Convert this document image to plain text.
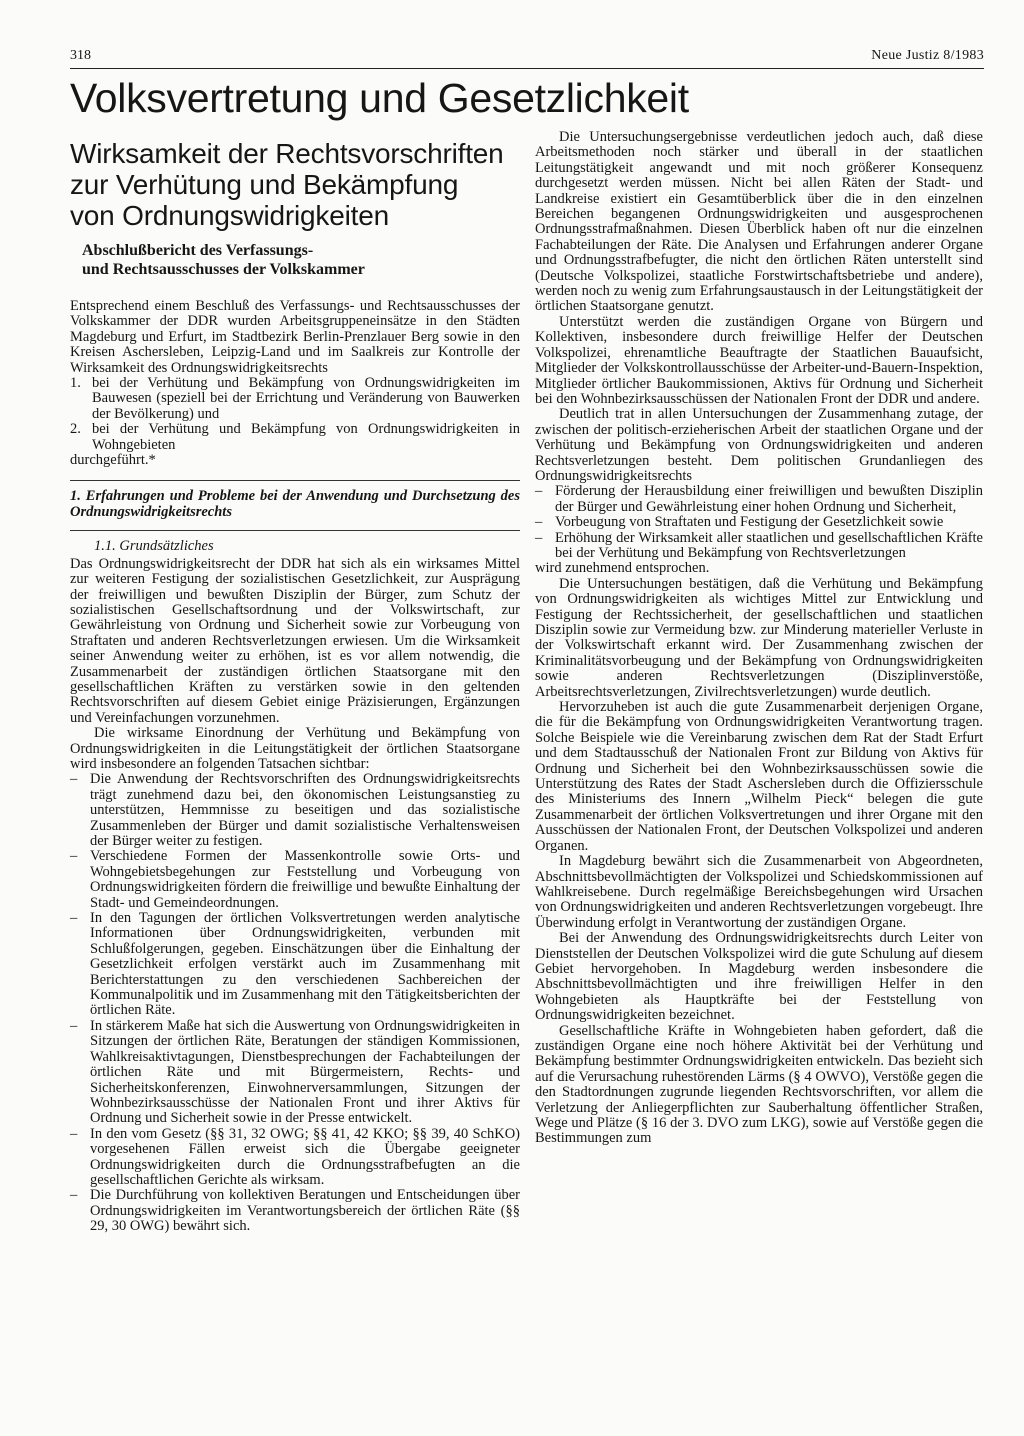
318	Neue Justiz 8/1983
Volksvertretung und Gesetzlichkeit
Wirksamkeit der Rechtsvorschriften
zur Verhütung und Bekämpfung
von Ordnungswidrigkeiten
Abschlußbericht des Verfassungs-
und Rechtsausschusses der Volkskammer

Entsprechend einem Beschluß des Verfassungs- und Rechtsausschusses der Volkskammer der DDR wurden Arbeitsgruppeneinsätze in den Städten Magdeburg und Erfurt, im Stadtbezirk Berlin-Prenzlauer Berg sowie in den Kreisen Aschersleben, Leipzig-Land und im Saalkreis zur Kontrolle der Wirksamkeit des Ordnungswidrigkeitsrechts

1. bei der Verhütung und Bekämpfung von Ordnungswidrigkeiten im Bauwesen (speziell bei der Errichtung und Veränderung von Bauwerken der Bevölkerung) und
2. bei der Verhütung und Bekämpfung von Ordnungswidrigkeiten in Wohngebieten

durchgeführt.*

1. Erfahrungen und Probleme bei der Anwendung und Durchsetzung des Ordnungswidrigkeitsrechts
1.1. Grundsätzliches

Das Ordnungswidrigkeitsrecht der DDR hat sich als ein wirksames Mittel zur weiteren Festigung der sozialistischen Gesetzlichkeit, zur Ausprägung der freiwilligen und bewußten Disziplin der Bürger, zum Schutz der sozialistischen Gesellschaftsordnung und der Volkswirtschaft, zur Gewährleistung von Ordnung und Sicherheit sowie zur Vorbeugung von Straftaten und anderen Rechtsverletzungen erwiesen. Um die Wirksamkeit seiner Anwendung weiter zu erhöhen, ist es vor allem notwendig, die Zusammenarbeit der zuständigen örtlichen Staatsorgane mit den gesellschaftlichen Kräften zu verstärken sowie in den geltenden Rechtsvorschriften auf diesem Gebiet einige Präzisierungen, Ergänzungen und Vereinfachungen vorzunehmen.

Die wirksame Einordnung der Verhütung und Bekämpfung von Ordnungswidrigkeiten in die Leitungstätigkeit der örtlichen Staatsorgane wird insbesondere an folgenden Tatsachen sichtbar:

– Die Anwendung der Rechtsvorschriften des Ordnungswidrigkeitsrechts trägt zunehmend dazu bei, den ökonomischen Leistungsanstieg zu unterstützen, Hemmnisse zu beseitigen und das sozialistische Zusammenleben der Bürger und damit sozialistische Verhaltensweisen der Bürger weiter zu festigen.
– Verschiedene Formen der Massenkontrolle sowie Orts- und Wohngebietsbegehungen zur Feststellung und Vorbeugung von Ordnungswidrigkeiten fördern die freiwillige und bewußte Einhaltung der Stadt- und Gemeindeordnungen.
– In den Tagungen der örtlichen Volksvertretungen werden analytische Informationen über Ordnungswidrigkeiten, verbunden mit Schlußfolgerungen, gegeben. Einschätzungen über die Einhaltung der Gesetzlichkeit erfolgen verstärkt auch im Zusammenhang mit Berichterstattungen zu den verschiedenen Sachbereichen der Kommunalpolitik und im Zusammenhang mit den Tätigkeitsberichten der örtlichen Räte.
– In stärkerem Maße hat sich die Auswertung von Ordnungswidrigkeiten in Sitzungen der örtlichen Räte, Beratungen der ständigen Kommissionen, Wahlkreisaktivtagungen, Dienstbesprechungen der Fachabteilungen der örtlichen Räte und mit Bürgermeistern, Rechts- und Sicherheitskonferenzen, Einwohnerversammlungen, Sitzungen der Wohnbezirksausschüsse der Nationalen Front und ihrer Aktivs für Ordnung und Sicherheit sowie in der Presse entwickelt.
– In den vom Gesetz (§§ 31, 32 OWG; §§ 41, 42 KKO; §§ 39, 40 SchKO) vorgesehenen Fällen erweist sich die Übergabe geeigneter Ordnungswidrigkeiten durch die Ordnungsstrafbefugten an die gesellschaftlichen Gerichte als wirksam.
– Die Durchführung von kollektiven Beratungen und Entscheidungen über Ordnungswidrigkeiten im Verantwortungsbereich der örtlichen Räte (§§ 29, 30 OWG) bewährt sich.

Die Untersuchungsergebnisse verdeutlichen jedoch auch, daß diese Arbeitsmethoden noch stärker und überall in der staatlichen Leitungstätigkeit angewandt und mit noch größerer Konsequenz durchgesetzt werden müssen. Nicht bei allen Räten der Stadt- und Landkreise existiert ein Gesamtüberblick über die in den einzelnen Bereichen begangenen Ordnungswidrigkeiten und ausgesprochenen Ordnungsstrafmaßnahmen. Diesen Überblick haben oft nur die einzelnen Fachabteilungen der Räte. Die Analysen und Erfahrungen anderer Organe und Ordnungsstrafbefugter, die nicht den örtlichen Räten unterstellt sind (Deutsche Volkspolizei, staatliche Forstwirtschaftsbetriebe und andere), werden noch zu wenig zum Erfahrungsaustausch in der Leitungstätigkeit der örtlichen Staatsorgane genutzt.

Unterstützt werden die zuständigen Organe von Bürgern und Kollektiven, insbesondere durch freiwillige Helfer der Deutschen Volkspolizei, ehrenamtliche Beauftragte der Staatlichen Bauaufsicht, Mitglieder der Volkskontrollausschüsse der Arbeiter-und-Bauern-Inspektion, Mitglieder örtlicher Baukommissionen, Aktivs für Ordnung und Sicherheit bei den Wohnbezirksausschüssen der Nationalen Front der DDR und andere.

Deutlich trat in allen Untersuchungen der Zusammenhang zutage, der zwischen der politisch-erzieherischen Arbeit der staatlichen Organe und der Verhütung und Bekämpfung von Ordnungswidrigkeiten und anderen Rechtsverletzungen besteht. Dem politischen Grundanliegen des Ordnungswidrigkeitsrechts

– Förderung der Herausbildung einer freiwilligen und bewußten Disziplin der Bürger und Gewährleistung einer hohen Ordnung und Sicherheit,
– Vorbeugung von Straftaten und Festigung der Gesetzlichkeit sowie
– Erhöhung der Wirksamkeit aller staatlichen und gesellschaftlichen Kräfte bei der Verhütung und Bekämpfung von Rechtsverletzungen

wird zunehmend entsprochen.

Die Untersuchungen bestätigen, daß die Verhütung und Bekämpfung von Ordnungswidrigkeiten als wichtiges Mittel zur Entwicklung und Festigung der Rechtssicherheit, der gesellschaftlichen und staatlichen Disziplin sowie zur Vermeidung bzw. zur Minderung materieller Verluste in der Volkswirtschaft erkannt wird. Der Zusammenhang zwischen der Kriminalitätsvorbeugung und der Bekämpfung von Ordnungswidrigkeiten sowie anderen Rechtsverletzungen (Disziplinverstöße, Arbeitsrechtsverletzungen, Zivilrechtsverletzungen) wurde deutlich.

Hervorzuheben ist auch die gute Zusammenarbeit derjenigen Organe, die für die Bekämpfung von Ordnungswidrigkeiten Verantwortung tragen. Solche Beispiele wie die Vereinbarung zwischen dem Rat der Stadt Erfurt und dem Stadtausschuß der Nationalen Front zur Bildung von Aktivs für Ordnung und Sicherheit bei den Wohnbezirksausschüssen sowie die Unterstützung des Rates der Stadt Aschersleben durch die Offiziersschule des Ministeriums des Innern „Wilhelm Pieck“ belegen die gute Zusammenarbeit der örtlichen Volksvertretungen und ihrer Organe mit den Ausschüssen der Nationalen Front, der Deutschen Volkspolizei und anderen Organen.

In Magdeburg bewährt sich die Zusammenarbeit von Abgeordneten, Abschnittsbevollmächtigten der Volkspolizei und Schiedskommissionen auf Wahlkreisebene. Durch regelmäßige Bereichsbegehungen wird Ursachen von Ordnungswidrigkeiten und anderen Rechtsverletzungen vorgebeugt. Ihre Überwindung erfolgt in Verantwortung der zuständigen Organe.

Bei der Anwendung des Ordnungswidrigkeitsrechts durch Leiter von Dienststellen der Deutschen Volkspolizei wird die gute Schulung auf diesem Gebiet hervorgehoben. In Magdeburg werden insbesondere die Abschnittsbevollmächtigten und ihre freiwilligen Helfer in den Wohngebieten als Hauptkräfte bei der Feststellung von Ordnungswidrigkeiten bezeichnet.

Gesellschaftliche Kräfte in Wohngebieten haben gefordert, daß die zuständigen Organe eine noch höhere Aktivität bei der Verhütung und Bekämpfung bestimmter Ordnungswidrigkeiten entwickeln. Das bezieht sich auf die Verursachung ruhestörenden Lärms (§ 4 OWVO), Verstöße gegen die den Stadtordnungen zugrunde liegenden Rechtsvorschriften, vor allem die Verletzung der Anliegerpflichten zur Sauberhaltung öffentlicher Straßen, Wege und Plätze (§ 16 der 3. DVO zum LKG), sowie auf Verstöße gegen die Bestimmungen zum
